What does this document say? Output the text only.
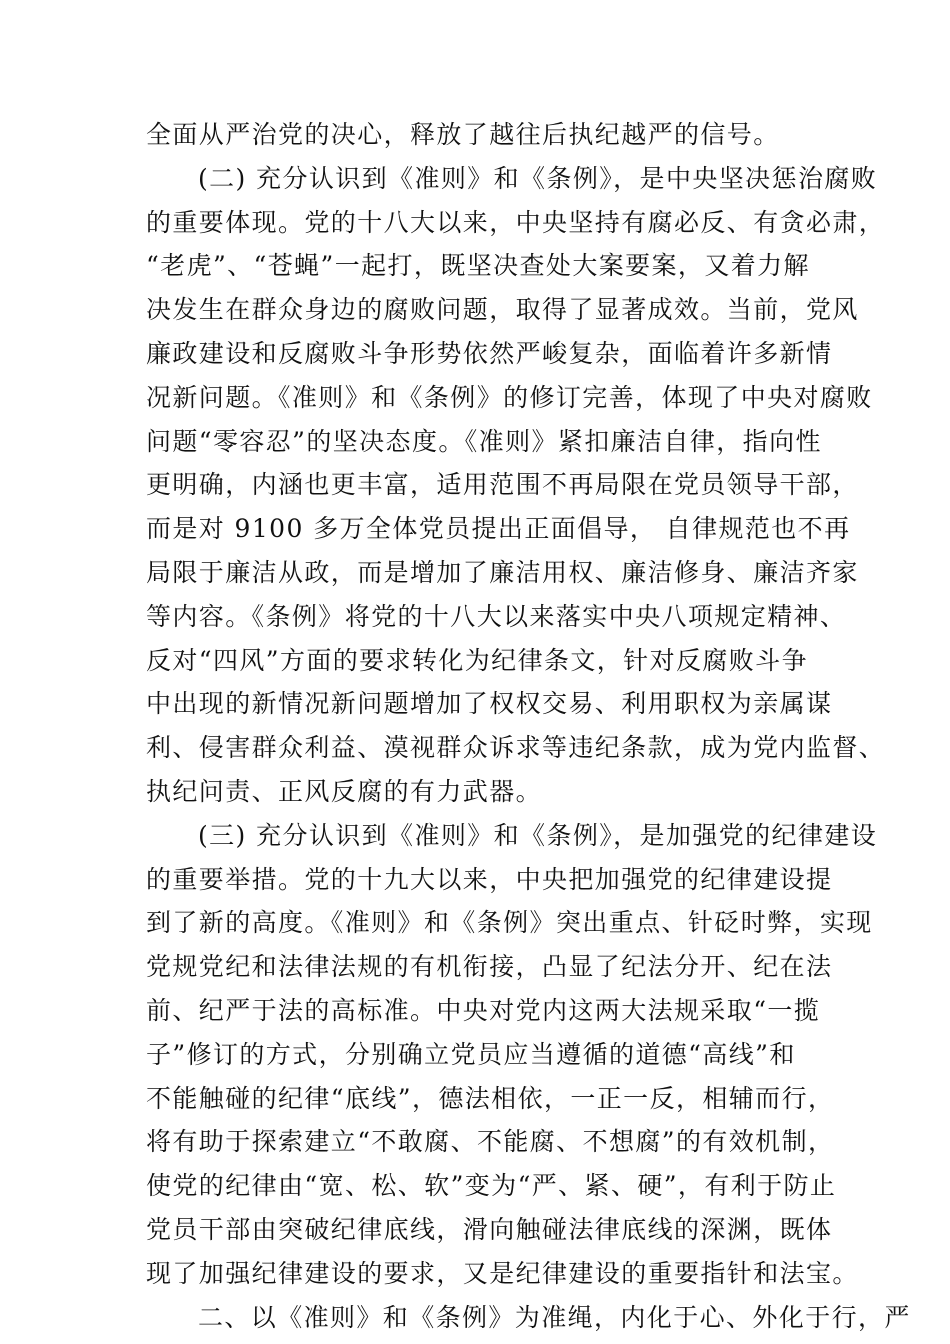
全面从严治党的决心，释放了越往后执纪越严的信号。
(二) 充分认识到《准则》和《条例》，是中央坚决惩治腐败
的重要体现。党的十八大以来，中央坚持有腐必反、有贪必肃，
“老虎”、“苍蝇”一起打，既坚决查处大案要案，又着力解
决发生在群众身边的腐败问题，取得了显著成效。当前，党风
廉政建设和反腐败斗争形势依然严峻复杂，面临着许多新情
况新问题。《准则》和《条例》的修订完善，体现了中央对腐败
问题“零容忍”的坚决态度。《准则》紧扣廉洁自律，指向性
更明确，内涵也更丰富，适用范围不再局限在党员领导干部，
而是对 9100 多万全体党员提出正面倡导， 自律规范也不再
局限于廉洁从政，而是增加了廉洁用权、廉洁修身、廉洁齐家
等内容。《条例》将党的十八大以来落实中央八项规定精神、
反对“四风”方面的要求转化为纪律条文，针对反腐败斗争
中出现的新情况新问题增加了权权交易、利用职权为亲属谋
利、侵害群众利益、漠视群众诉求等违纪条款，成为党内监督、
执纪问责、正风反腐的有力武器。
(三) 充分认识到《准则》和《条例》，是加强党的纪律建设
的重要举措。党的十九大以来，中央把加强党的纪律建设提
到了新的高度。《准则》和《条例》突出重点、针砭时弊，实现
党规党纪和法律法规的有机衔接，凸显了纪法分开、纪在法
前、纪严于法的高标准。中央对党内这两大法规采取“一揽
子”修订的方式，分别确立党员应当遵循的道德“高线”和
不能触碰的纪律“底线”，德法相依，一正一反，相辅而行，
将有助于探索建立“不敢腐、不能腐、不想腐”的有效机制，
使党的纪律由“宽、松、软”变为“严、紧、硬”，有利于防止
党员干部由突破纪律底线，滑向触碰法律底线的深渊，既体
现了加强纪律建设的要求，又是纪律建设的重要指针和法宝。
二、以《准则》和《条例》为准绳，内化于心、外化于行，严
